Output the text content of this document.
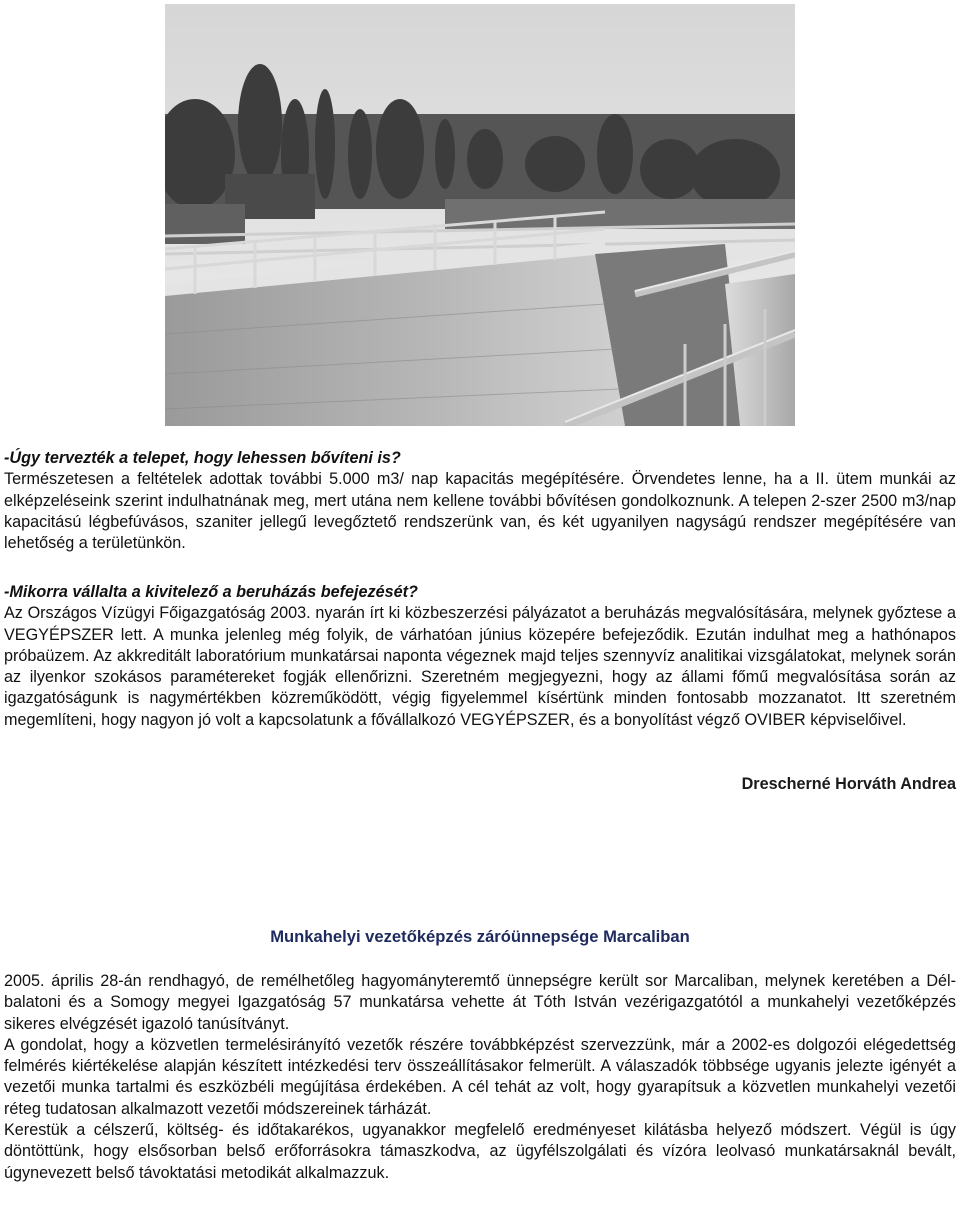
-Úgy tervezték a telepet, hogy lehessen bővíteni is?

Természetesen a feltételek adottak további 5.000 m3/ nap kapacitás megépítésére. Örvendetes lenne, ha a II. ütem munkái az elképzeléseink szerint indulhatnának meg, mert utána nem kellene további bővítésen gondolkoznunk. A telepen 2-szer 2500 m3/nap kapacitású légbefúvásos, szaniter jellegű levegőztető rendszerünk van, és két ugyanilyen nagyságú rendszer megépítésére van lehetőség a területünkön.

-Mikorra vállalta a kivitelező a beruházás befejezését?

Az Országos Vízügyi Főigazgatóság 2003. nyarán írt ki közbeszerzési pályázatot a beruházás megvalósítására, melynek győztese a VEGYÉPSZER lett. A munka jelenleg még folyik, de várhatóan június közepére befejeződik. Ezután indulhat meg a hathónapos próbaüzem. Az akkreditált laboratórium munkatársai naponta végeznek majd teljes szennyvíz analitikai vizsgálatokat, melynek során az ilyenkor szokásos paramétereket fogják ellenőrizni. Szeretném megjegyezni, hogy az állami főmű megvalósítása során az igazgatóságunk is nagymértékben közreműködött, végig figyelemmel kísértünk minden fontosabb mozzanatot. Itt szeretném megemlíteni, hogy nagyon jó volt a kapcsolatunk a fővállalkozó VEGYÉPSZER, és a bonyolítást végző OVIBER képviselőivel.

Drescherné Horváth Andrea
Munkahelyi vezetőképzés záróünnepsége Marcaliban

2005. április 28-án rendhagyó, de remélhetőleg hagyományteremtő ünnepségre került sor Marcaliban, melynek keretében a Dél-balatoni és a Somogy megyei Igazgatóság 57 munkatársa vehette át Tóth István vezérigazgatótól a munkahelyi vezetőképzés sikeres elvégzését igazoló tanúsítványt.

A gondolat, hogy a közvetlen termelésirányító vezetők részére továbbképzést szervezzünk, már a 2002-es dolgozói elégedettség felmérés kiértékelése alapján készített intézkedési terv összeállításakor felmerült. A válaszadók többsége ugyanis jelezte igényét a vezetői munka tartalmi és eszközbéli megújítása érdekében. A cél tehát az volt, hogy gyarapítsuk a közvetlen munkahelyi vezetői réteg tudatosan alkalmazott vezetői módszereinek tárházát.

Kerestük a célszerű, költség- és időtakarékos, ugyanakkor megfelelő eredményeset kilátásba helyező módszert. Végül is úgy döntöttünk, hogy elsősorban belső erőforrásokra támaszkodva, az ügyfélszolgálati és vízóra leolvasó munkatársaknál bevált, úgynevezett belső távoktatási metodikát alkalmazzuk.
